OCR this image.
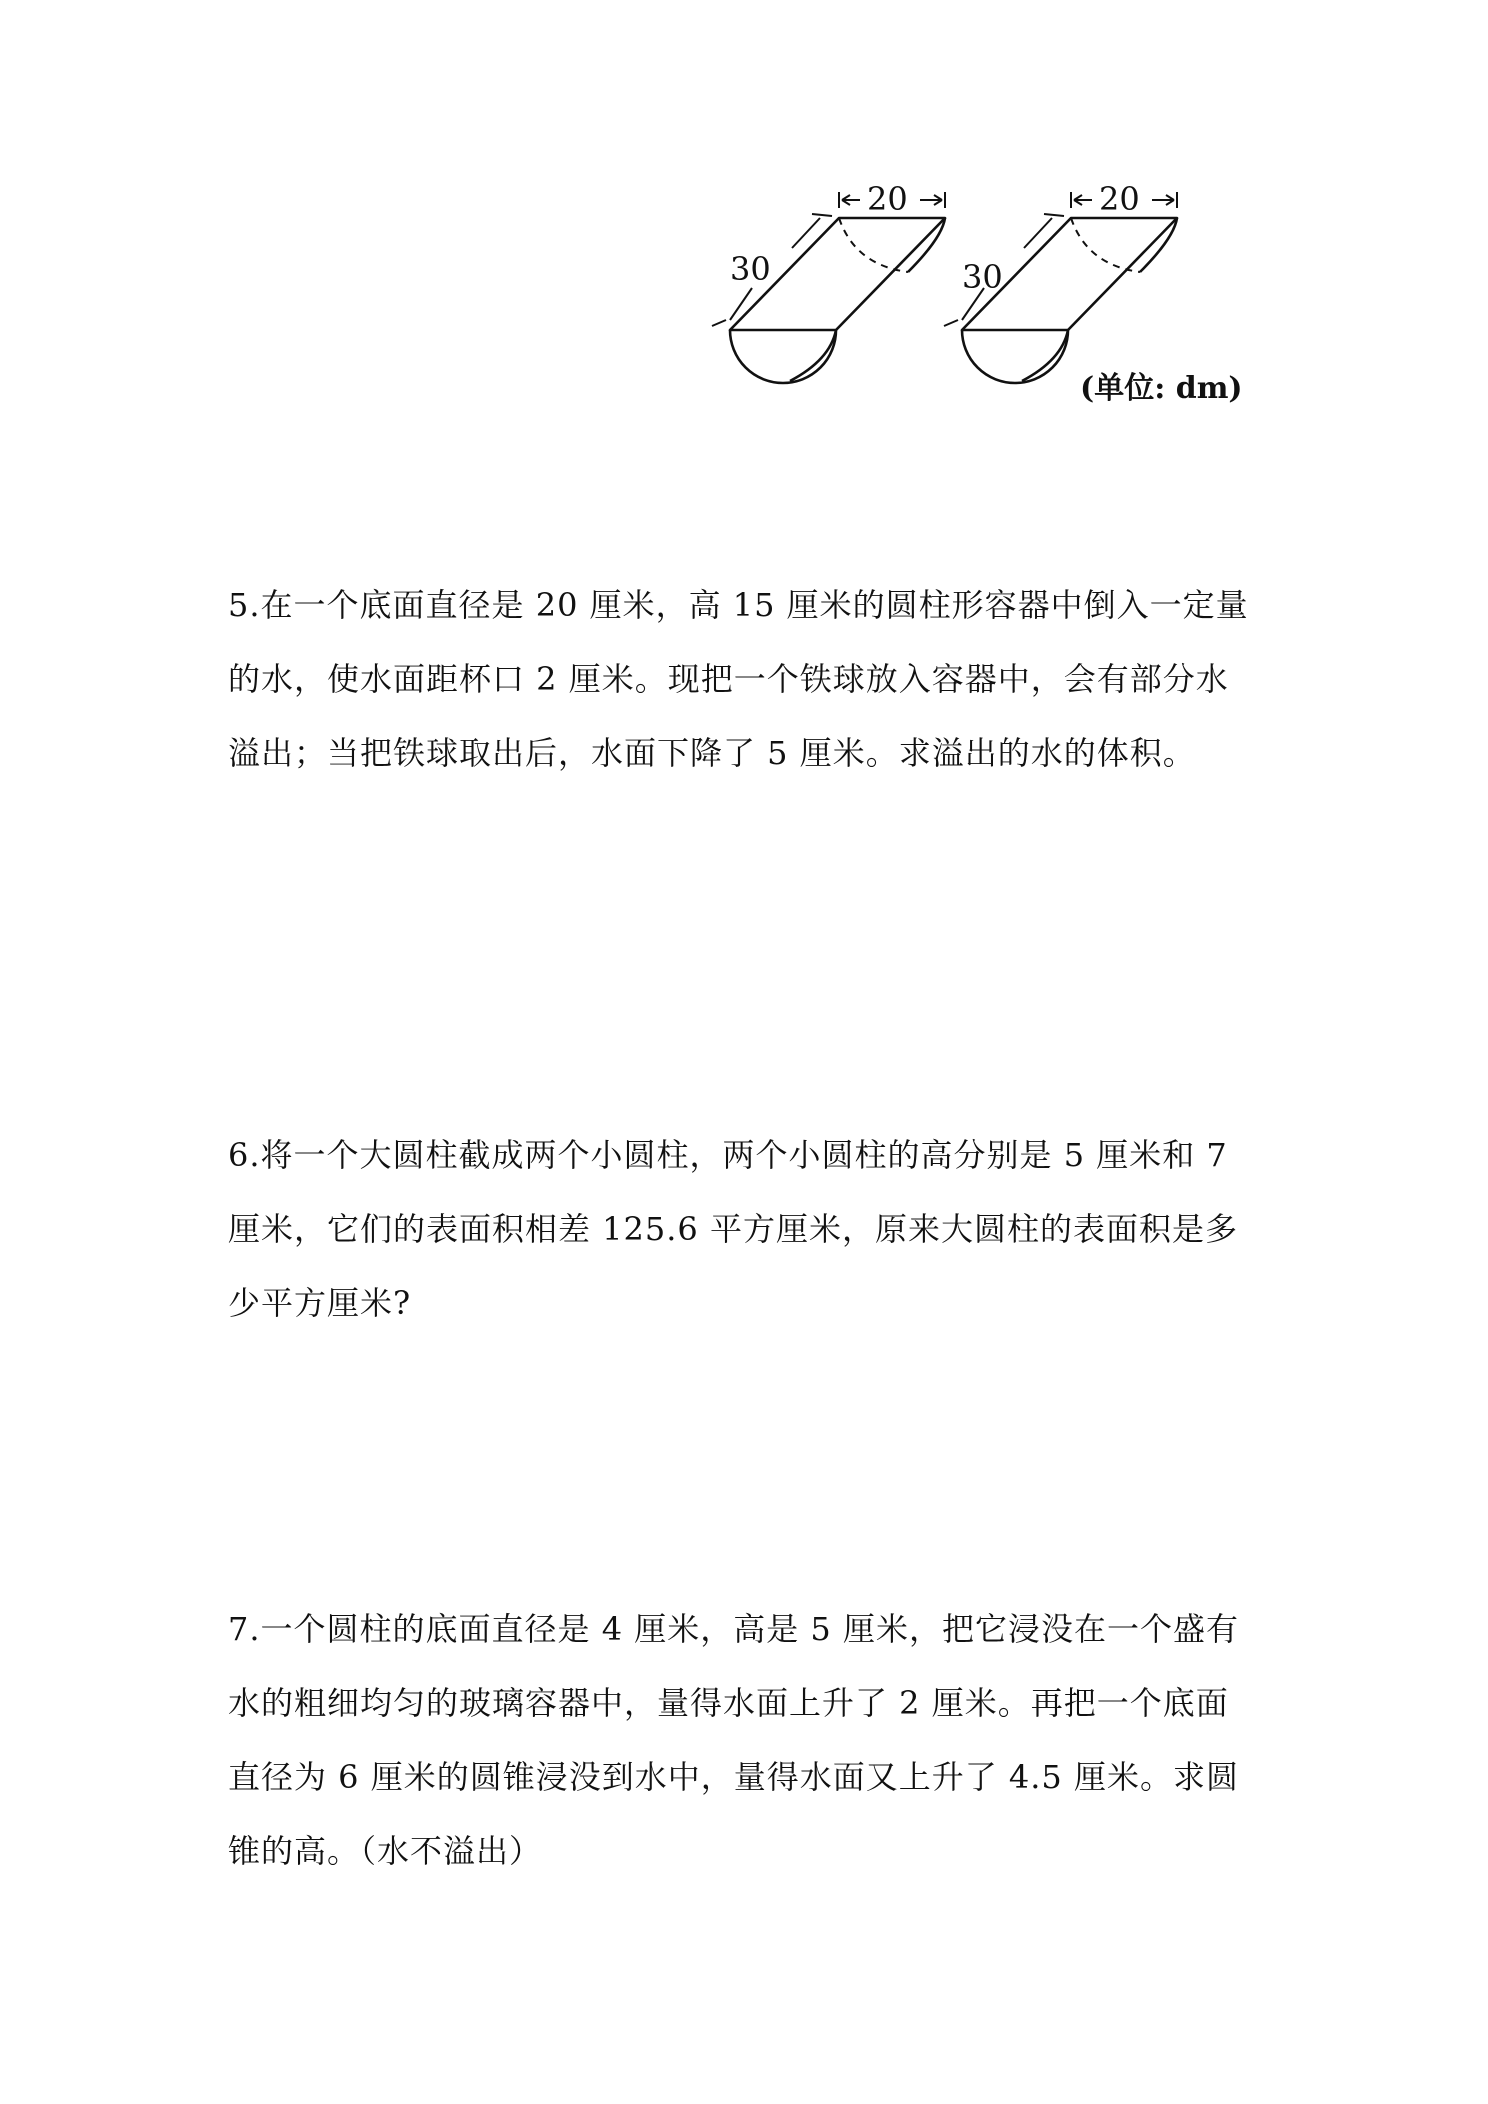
20
30
20
30
(单位: dm)
5.在一个底面直径是 20 厘米，高 15 厘米的圆柱形容器中倒入一定量
的水，使水面距杯口 2 厘米。现把一个铁球放入容器中，会有部分水
溢出；当把铁球取出后，水面下降了 5 厘米。求溢出的水的体积。
6.将一个大圆柱截成两个小圆柱，两个小圆柱的高分别是 5 厘米和 7
厘米，它们的表面积相差 125.6 平方厘米，原来大圆柱的表面积是多
少平方厘米?
7.一个圆柱的底面直径是 4 厘米，高是 5 厘米，把它浸没在一个盛有
水的粗细均匀的玻璃容器中，量得水面上升了 2 厘米。再把一个底面
直径为 6 厘米的圆锥浸没到水中，量得水面又上升了 4.5 厘米。求圆
锥的高。（水不溢出）
